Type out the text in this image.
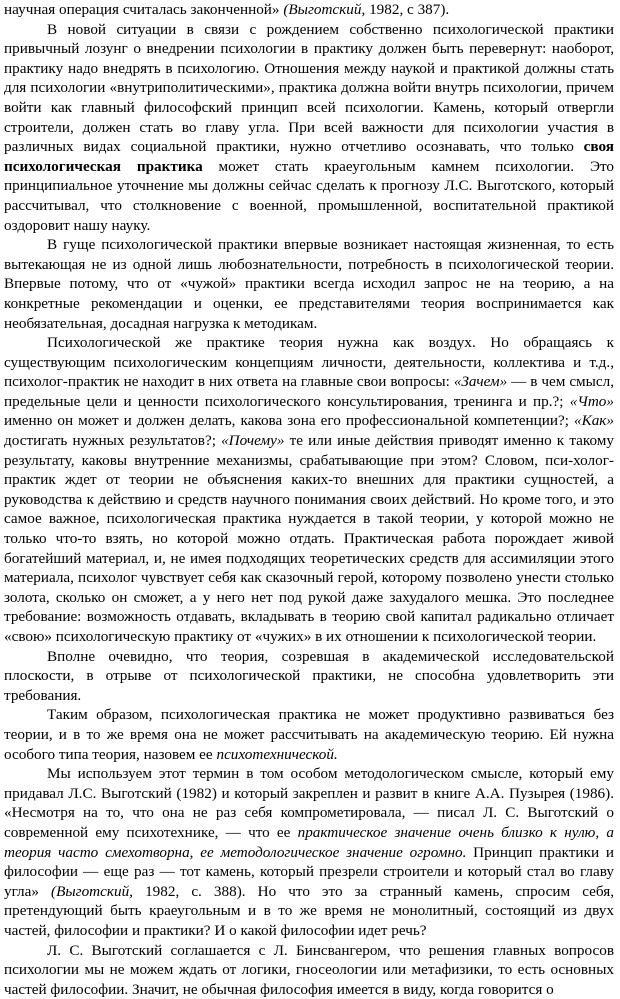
научная операция считалась законченной» (Выготский, 1982, с 387).

В новой ситуации в связи с рождением собственно психологической практики привычный лозунг о внедрении психологии в практику должен быть перевернут: наоборот, практику надо внедрять в психологию. Отношения между наукой и практикой должны стать для психологии «внутриполитическими», практика должна войти внутрь психологии, причем войти как главный философский принцип всей психологии. Камень, который отвергли строители, должен стать во главу угла. При всей важности для психологии участия в различных видах социальной практики, нужно отчетливо осознавать, что только своя психологическая практика может стать краеугольным камнем психологии. Это принципиальное уточнение мы должны сейчас сделать к прогнозу Л.С. Выготского, который рассчитывал, что столкновение с военной, промышленной, воспитательной практикой оздоровит нашу науку.

В гуще психологической практики впервые возникает настоящая жизненная, то есть вытекающая не из одной лишь любознательности, потребность в психологической теории. Впервые потому, что от «чужой» практики всегда исходил запрос не на теорию, а на конкретные рекомендации и оценки, ее представителями теория воспринимается как необязательная, досадная нагрузка к методикам.

Психологической же практике теория нужна как воздух. Но обращаясь к существующим психологическим концепциям личности, деятельности, коллектива и т.д., психолог-практик не находит в них ответа на главные свои вопросы: «Зачем» — в чем смысл, предельные цели и ценности психологического консультирования, тренинга и пр.?; «Что» именно он может и должен делать, какова зона его профессиональной компетенции?; «Как» достигать нужных результатов?; «Почему» те или иные действия приводят именно к такому результату, каковы внутренние механизмы, срабатывающие при этом? Словом, пси-холог-практик ждет от теории не объяснения каких-то внешних для практики сущностей, а руководства к действию и средств научного понимания своих действий. Но кроме того, и это самое важное, психологическая практика нуждается в такой теории, у которой можно не только что-то взять, но которой можно отдать. Практическая работа порождает живой богатейший материал, и, не имея подходящих теоретических средств для ассимиляции этого материала, психолог чувствует себя как сказочный герой, которому позволено унести столько золота, сколько он сможет, а у него нет под рукой даже захудалого мешка. Это последнее требование: возможность отдавать, вкладывать в теорию свой капитал радикально отличает «свою» психологическую практику от «чужих» в их отношении к психологической теории.

Вполне очевидно, что теория, созревшая в академической исследовательской плоскости, в отрыве от психологической практики, не способна удовлетворить эти требования.

Таким образом, психологическая практика не может продуктивно развиваться без теории, и в то же время она не может рассчитывать на академическую теорию. Ей нужна особого типа теория, назовем ее психотехнической.

Мы используем этот термин в том особом методологическом смысле, который ему придавал Л.С. Выготский (1982) и который закреплен и развит в книге А.А. Пузырея (1986). «Несмотря на то, что она не раз себя компрометировала, — писал Л. С. Выготский о современной ему психотехнике, — что ее практическое значение очень близко к нулю, а теория часто смехотворна, ее методологическое значение огромно. Принцип практики и философии — еще раз — тот камень, который презрели строители и который стал во главу угла» (Выготский, 1982, с. 388). Но что это за странный камень, спросим себя, претендующий быть краеугольным и в то же время не монолитный, состоящий из двух частей, философии и практики? И о какой философии идет речь?

Л. С. Выготский соглашается с Л. Бинсвангером, что решения главных вопросов психологии мы не можем ждать от логики, гносеологии или метафизики, то есть основных частей философии. Значит, не обычная философия имеется в виду, когда говорится о
